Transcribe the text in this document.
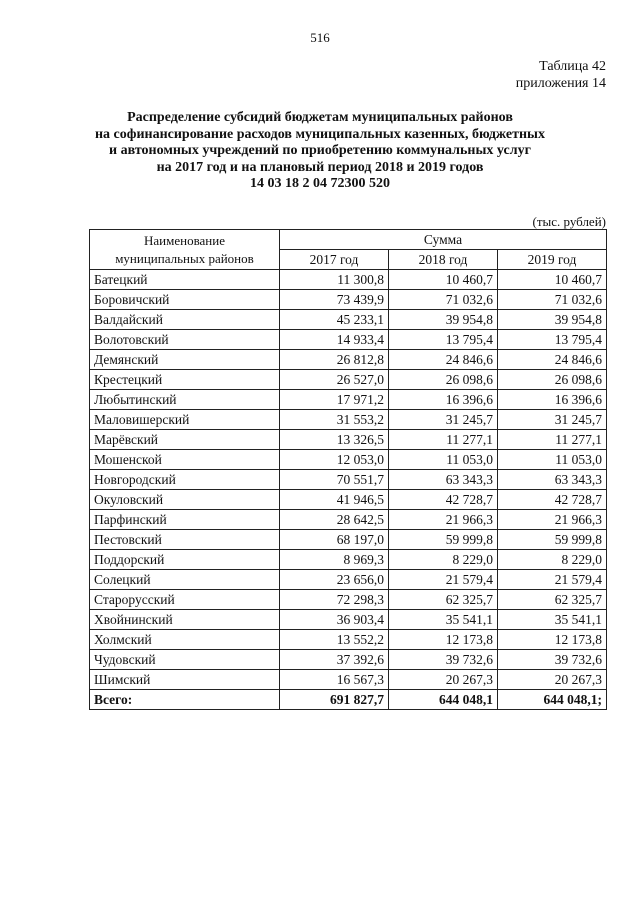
516
Таблица 42
приложения 14
Распределение субсидий бюджетам муниципальных районов
на софинансирование расходов муниципальных казенных, бюджетных
и автономных учреждений по приобретению коммунальных услуг
на 2017 год и на плановый период 2018 и 2019 годов
14 03 18 2 04 72300 520
(тыс. рублей)
Наименование
муниципальных районов	Сумма		
	2017 год	2018 год	2019 год
Батецкий	11 300,8	10 460,7	10 460,7
Боровичский	73 439,9	71 032,6	71 032,6
Валдайский	45 233,1	39 954,8	39 954,8
Волотовский	14 933,4	13 795,4	13 795,4
Демянский	26 812,8	24 846,6	24 846,6
Крестецкий	26 527,0	26 098,6	26 098,6
Любытинский	17 971,2	16 396,6	16 396,6
Маловишерский	31 553,2	31 245,7	31 245,7
Марёвский	13 326,5	11 277,1	11 277,1
Мошенской	12 053,0	11 053,0	11 053,0
Новгородский	70 551,7	63 343,3	63 343,3
Окуловский	41 946,5	42 728,7	42 728,7
Парфинский	28 642,5	21 966,3	21 966,3
Пестовский	68 197,0	59 999,8	59 999,8
Поддорский	8 969,3	8 229,0	8 229,0
Солецкий	23 656,0	21 579,4	21 579,4
Старорусский	72 298,3	62 325,7	62 325,7
Хвойнинский	36 903,4	35 541,1	35 541,1
Холмский	13 552,2	12 173,8	12 173,8
Чудовский	37 392,6	39 732,6	39 732,6
Шимский	16 567,3	20 267,3	20 267,3
Всего:	691 827,7	644 048,1	644 048,1;
